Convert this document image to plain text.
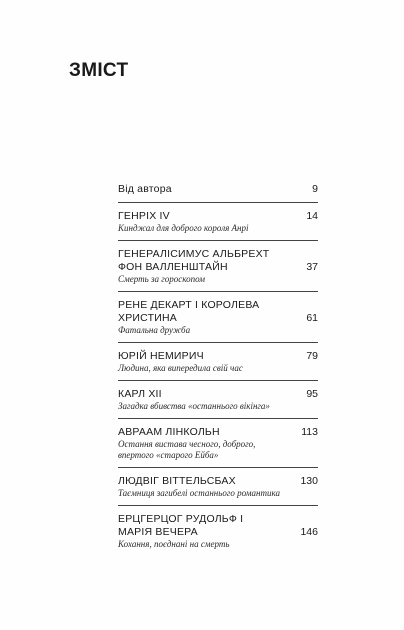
ЗМІСТ
Від автора	9
ГЕНРІХ IV	14
Кинджал для доброго короля Анрі
ГЕНЕРАЛІСИМУС АЛЬБРЕХТ ФОН ВАЛЛЕНШТАЙН	37
Смерть за гороскопом
РЕНЕ ДЕКАРТ І КОРОЛЕВА ХРИСТИНА	61
Фатальна дружба
ЮРІЙ НЕМИРИЧ	79
Людина, яка випередила свій час
КАРЛ XII	95
Загадка вбивства «останнього вікінга»
АВРААМ ЛІНКОЛЬН	113
Остання вистава чесного, доброго, впертого «старого Ейба»
ЛЮДВІГ ВІТТЕЛЬСБАХ	130
Таємниця загибелі останнього романтика
ЕРЦГЕРЦОГ РУДОЛЬФ І МАРІЯ ВЕЧЕРА	146
Кохання, поєднані на смерть
